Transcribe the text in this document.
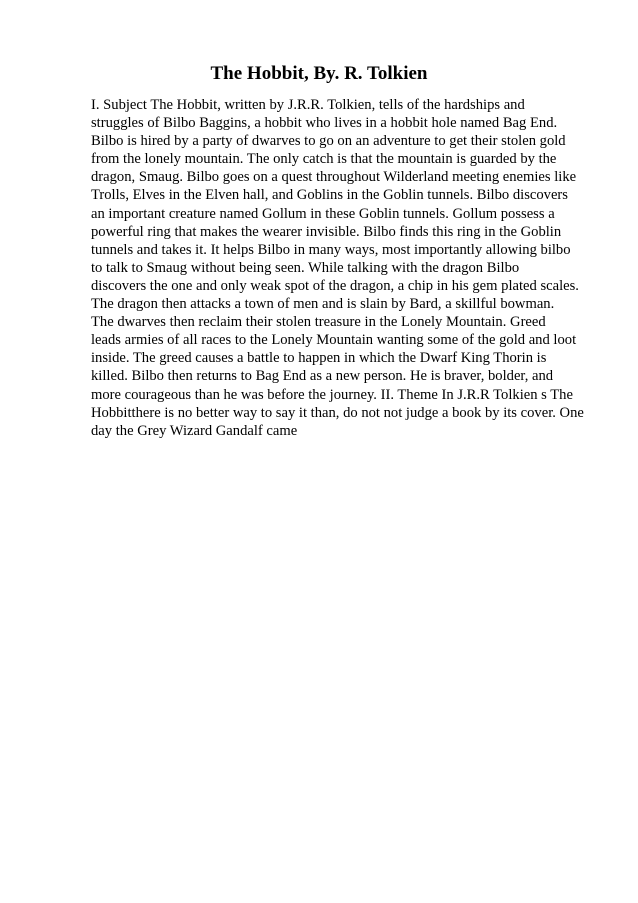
The Hobbit, By. R. Tolkien
I. Subject The Hobbit, written by J.R.R. Tolkien, tells of the hardships and
struggles of Bilbo Baggins, a hobbit who lives in a hobbit hole named Bag End.
Bilbo is hired by a party of dwarves to go on an adventure to get their stolen gold
from the lonely mountain. The only catch is that the mountain is guarded by the
dragon, Smaug. Bilbo goes on a quest throughout Wilderland meeting enemies like
Trolls, Elves in the Elven hall, and Goblins in the Goblin tunnels. Bilbo discovers
an important creature named Gollum in these Goblin tunnels. Gollum possess a
powerful ring that makes the wearer invisible. Bilbo finds this ring in the Goblin
tunnels and takes it. It helps Bilbo in many ways, most importantly allowing bilbo
to talk to Smaug without being seen. While talking with the dragon Bilbo
discovers the one and only weak spot of the dragon, a chip in his gem plated scales.
The dragon then attacks a town of men and is slain by Bard, a skillful bowman.
The dwarves then reclaim their stolen treasure in the Lonely Mountain. Greed
leads armies of all races to the Lonely Mountain wanting some of the gold and loot
inside. The greed causes a battle to happen in which the Dwarf King Thorin is
killed. Bilbo then returns to Bag End as a new person. He is braver, bolder, and
more courageous than he was before the journey. II. Theme In J.R.R Tolkien s The
Hobbitthere is no better way to say it than, do not not judge a book by its cover. One
day the Grey Wizard Gandalf came
